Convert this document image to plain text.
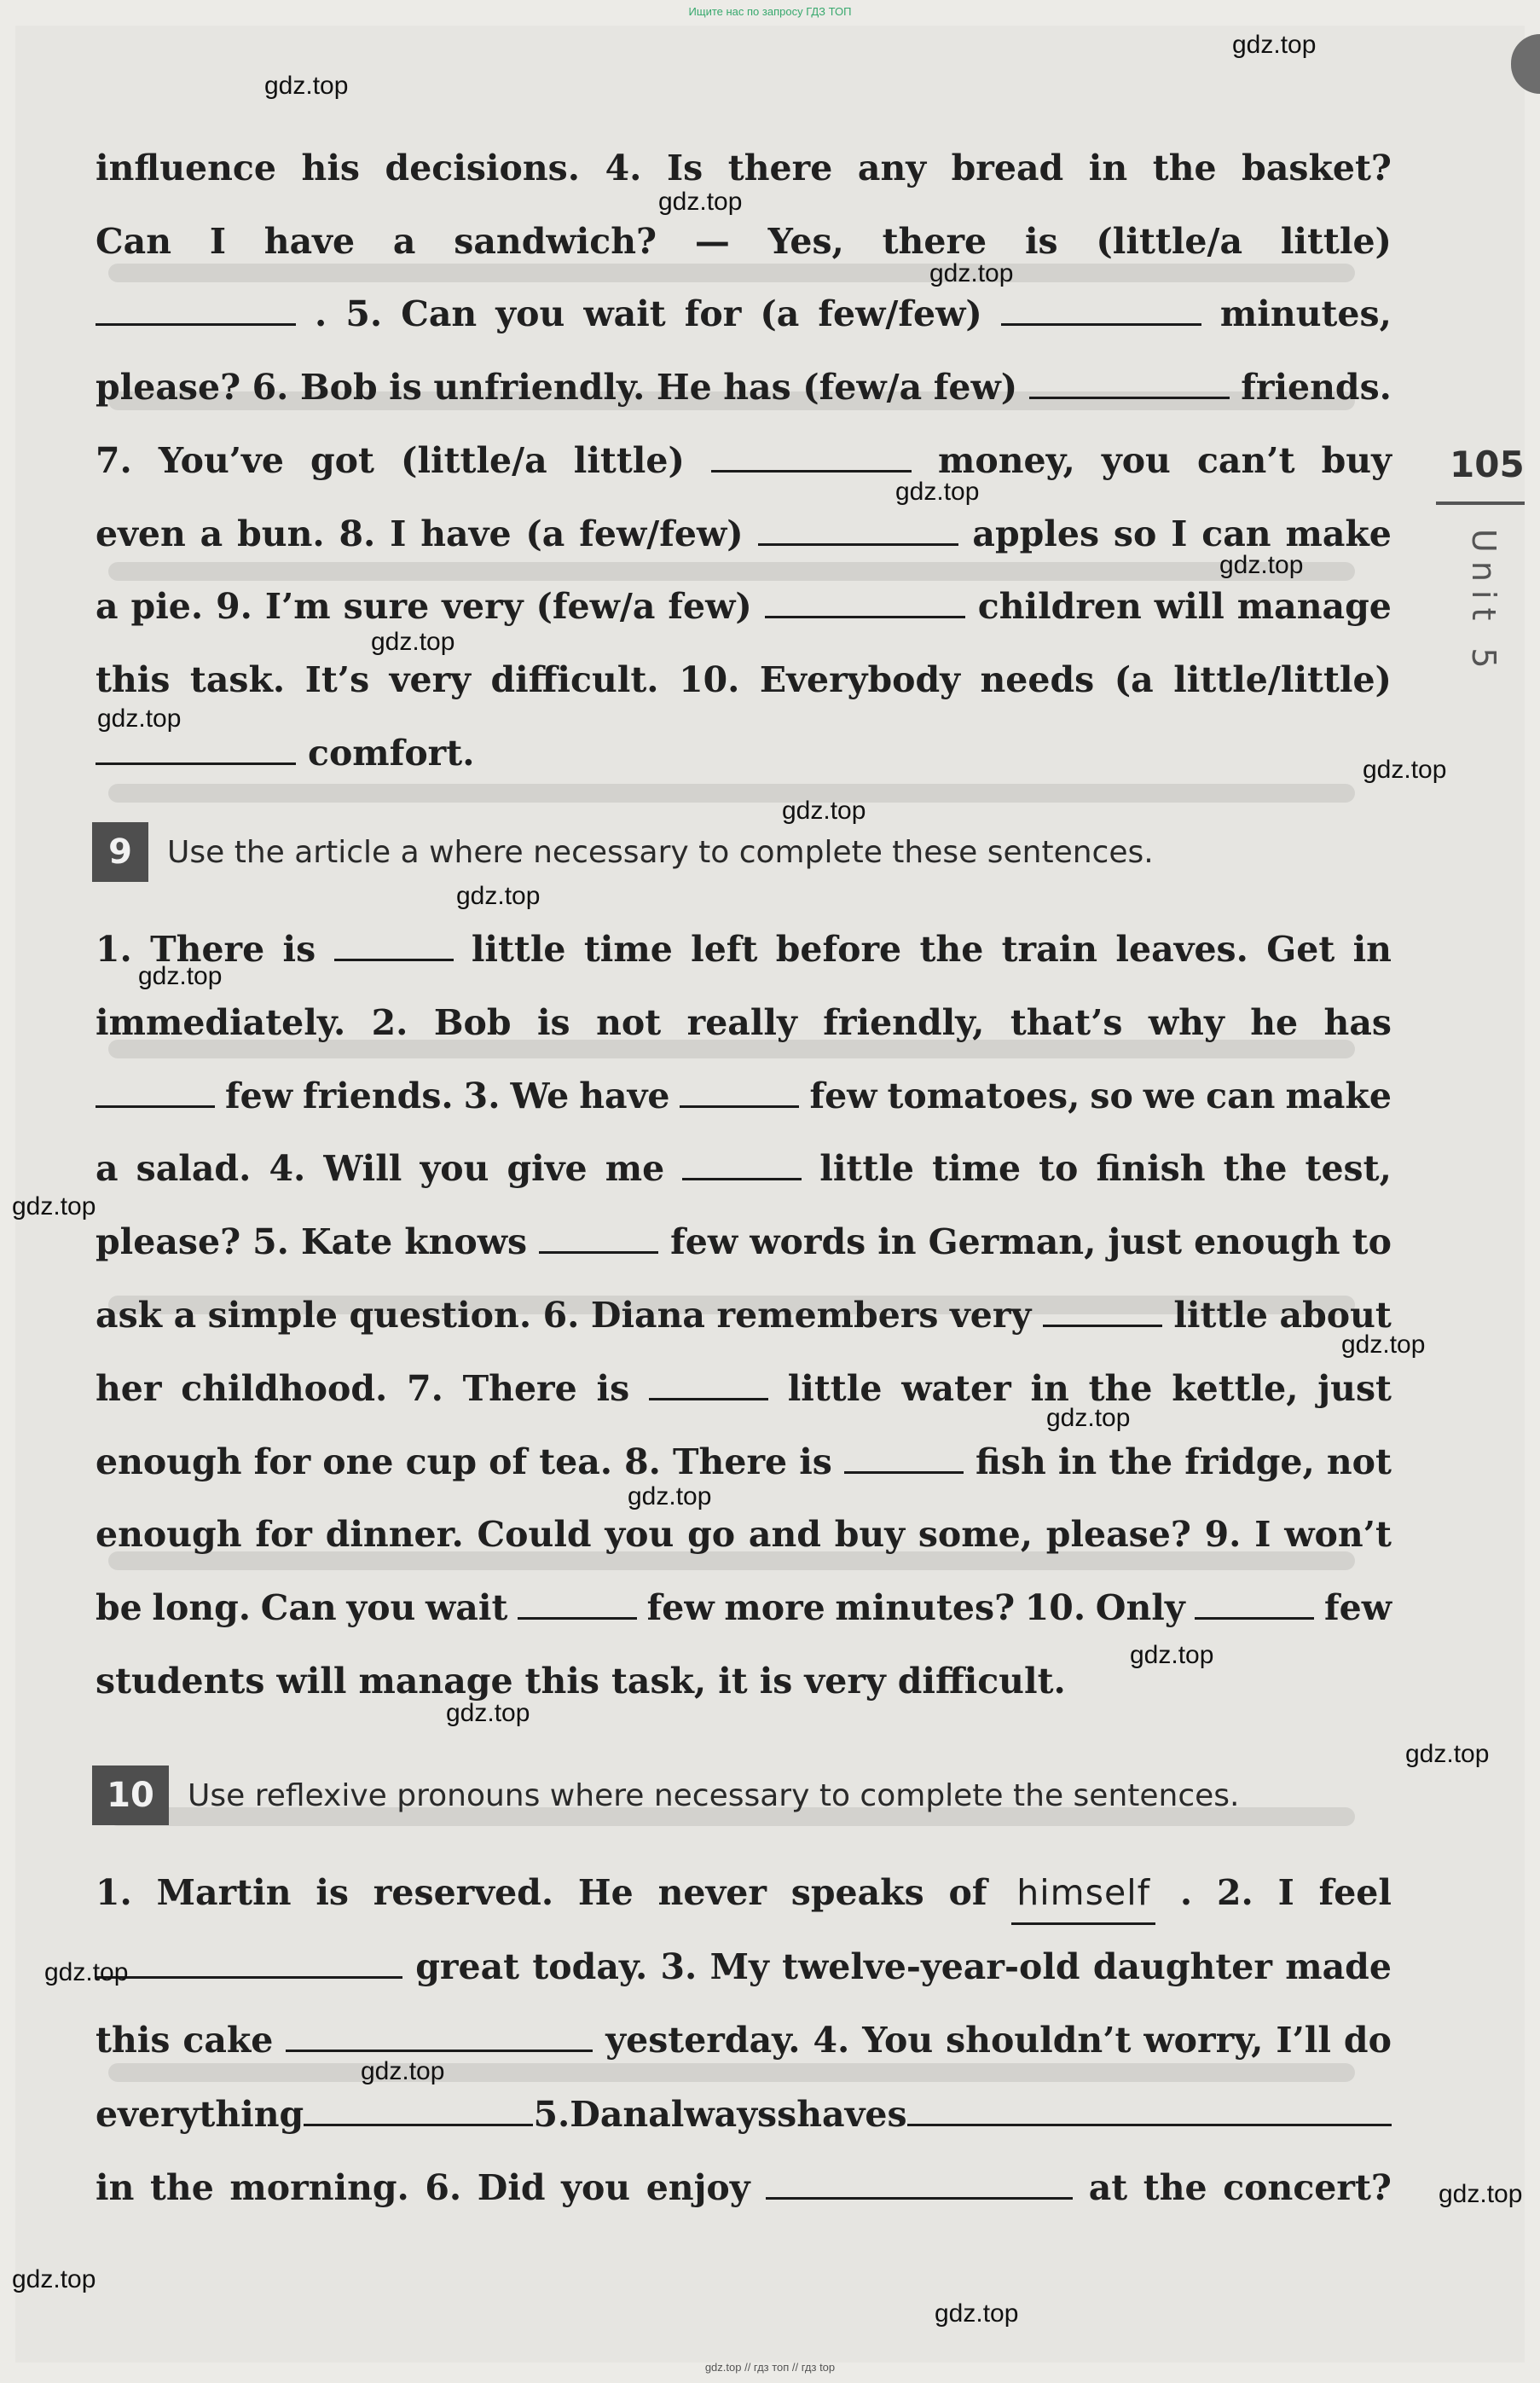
Ищите нас по запросу ГДЗ ТОП
gdz.top // гдз топ // гдз top
105
Unit 5
influence his decisions. 4. Is there any bread in the basket?
Can I have a sandwich? — Yes, there is (little/a little)
. 5. Can you wait for (a few/few)	minutes,
please? 6. Bob is unfriendly. He has (few/a few)	friends.
7. You’ve got (little/a little)	money, you can’t buy
even a bun. 8. I have (a few/few)	apples so I can make
a pie. 9. I’m sure very (few/a few)	children will manage
this task. It’s very difficult. 10. Everybody needs (a little/little)
comfort.
9	Use the article a where necessary to complete these sentences.
1. There is	little time left before the train leaves. Get in
immediately. 2. Bob is not really friendly, that’s why he has
few friends. 3. We have	few tomatoes, so we can make
a salad. 4. Will you give me	little time to finish the test,
please? 5. Kate knows	few words in German, just enough to
ask a simple question. 6. Diana remembers very	little about
her childhood. 7. There is	little water in the kettle, just
enough for one cup of tea. 8. There is	fish in the fridge, not
enough for dinner. Could you go and buy some, please? 9. I won’t
be long. Can you wait	few more minutes? 10. Only	few
students will manage this task, it is very difficult.
10	Use reflexive pronouns where necessary to complete the sentences.
1. Martin is reserved. He never speaks of himself . 2. I feel
great today. 3. My twelve-year-old daughter made
this cake	yesterday. 4. You shouldn’t worry, I’ll do
everything	5. Dan always shaves
in the morning. 6. Did you enjoy	at the concert?
gdz.top
gdz.top
gdz.top
gdz.top
gdz.top
gdz.top
gdz.top
gdz.top
gdz.top
gdz.top
gdz.top
gdz.top
gdz.top
gdz.top
gdz.top
gdz.top
gdz.top
gdz.top
gdz.top
gdz.top
gdz.top
gdz.top
gdz.top
gdz.top
